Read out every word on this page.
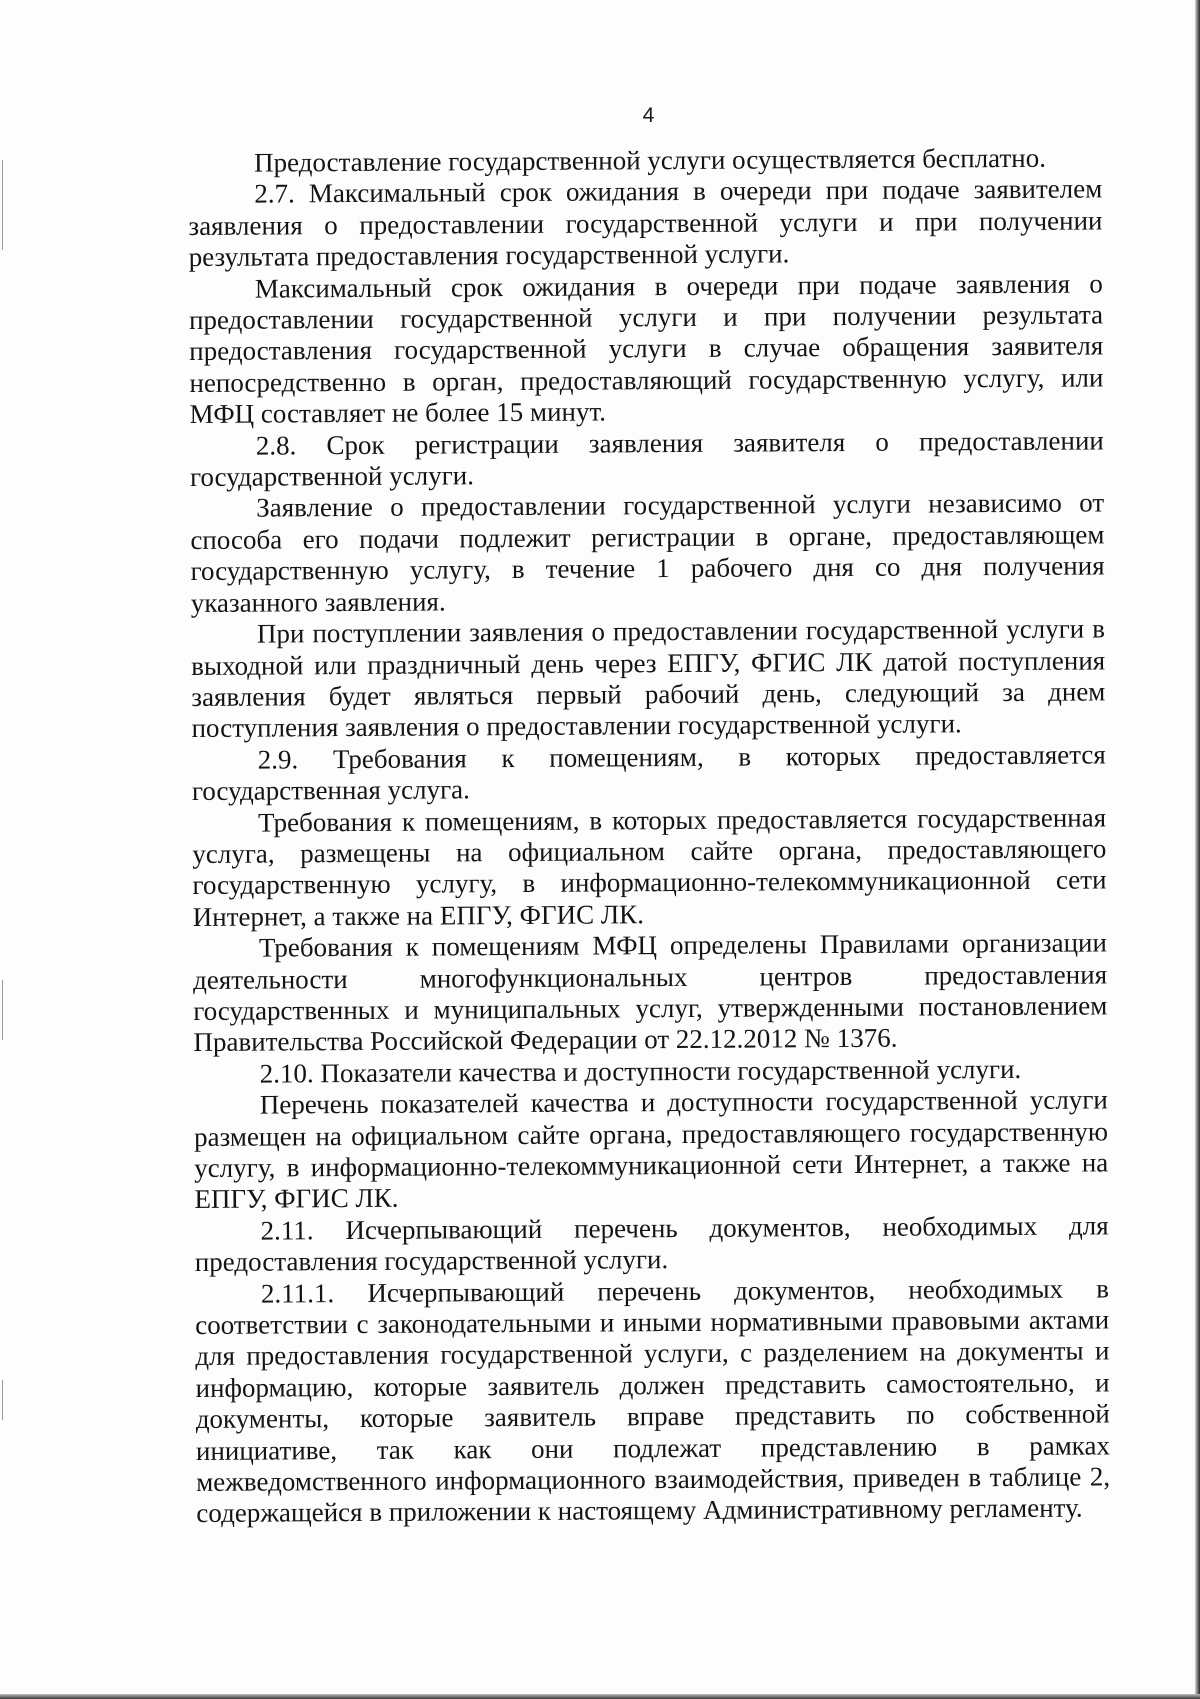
4

Предоставление государственной услуги осуществляется бесплатно.

2.7. Максимальный срок ожидания в очереди при подаче заявителем заявления о предоставлении государственной услуги и при получении результата предоставления государственной услуги.

Максимальный срок ожидания в очереди при подаче заявления о предоставлении государственной услуги и при получении результата предоставления государственной услуги в случае обращения заявителя непосредственно в орган, предоставляющий государственную услугу, или МФЦ составляет не более 15 минут.

2.8. Срок регистрации заявления заявителя о предоставлении государственной услуги.

Заявление о предоставлении государственной услуги независимо от способа его подачи подлежит регистрации в органе, предоставляющем государственную услугу, в течение 1 рабочего дня со дня получения указанного заявления.

При поступлении заявления о предоставлении государственной услуги в выходной или праздничный день через ЕПГУ, ФГИС ЛК датой поступления заявления будет являться первый рабочий день, следующий за днем поступления заявления о предоставлении государственной услуги.

2.9. Требования к помещениям, в которых предоставляется государственная услуга.

Требования к помещениям, в которых предоставляется государственная услуга, размещены на официальном сайте органа, предоставляющего государственную услугу, в информационно-телекоммуникационной сети Интернет, а также на ЕПГУ, ФГИС ЛК.

Требования к помещениям МФЦ определены Правилами организации деятельности многофункциональных центров предоставления государственных и муниципальных услуг, утвержденными постановлением Правительства Российской Федерации от 22.12.2012 № 1376.

2.10. Показатели качества и доступности государственной услуги.

Перечень показателей качества и доступности государственной услуги размещен на официальном сайте органа, предоставляющего государственную услугу, в информационно-телекоммуникационной сети Интернет, а также на ЕПГУ, ФГИС ЛК.

2.11. Исчерпывающий перечень документов, необходимых для предоставления государственной услуги.

2.11.1. Исчерпывающий перечень документов, необходимых в соответствии с законодательными и иными нормативными правовыми актами для предоставления государственной услуги, с разделением на документы и информацию, которые заявитель должен представить самостоятельно, и документы, которые заявитель вправе представить по собственной инициативе, так как они подлежат представлению в рамках межведомственного информационного взаимодействия, приведен в таблице 2, содержащейся в приложении к настоящему Административному регламенту.
